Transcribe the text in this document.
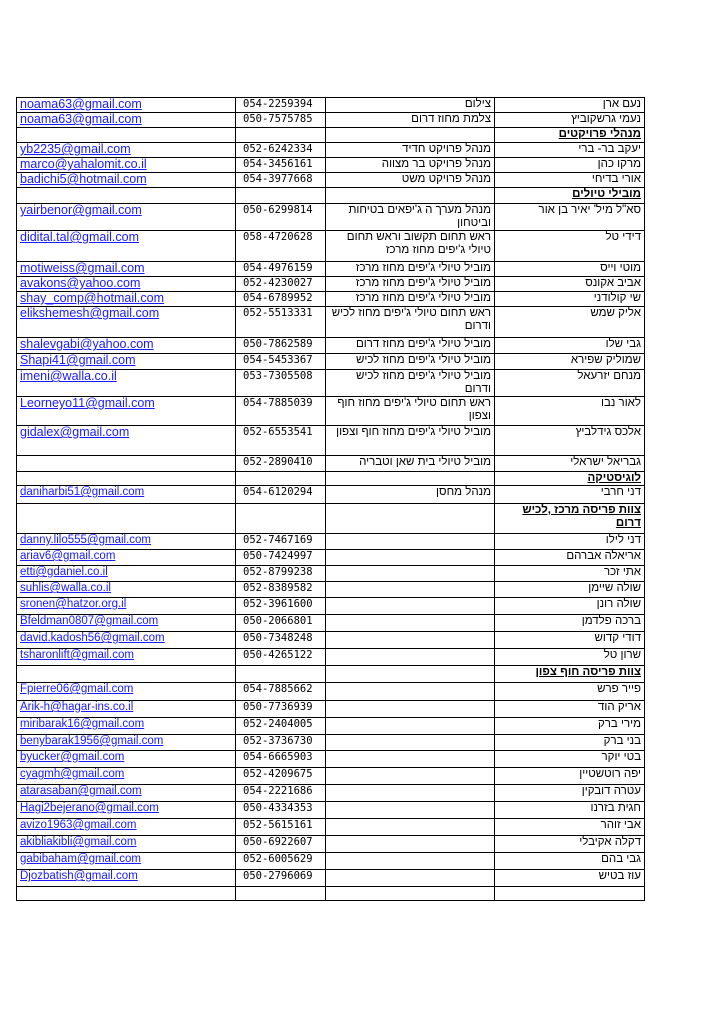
noama63@gmail.com	054-2259394	צילום	נעם ארן
noama63@gmail.com	050-7575785	צלמת מחוז דרום	נעמי גרשקוביץ
			מנהלי פרויקטים
yb2235@gmail.com	052-6242334	מנהל פרויקט חדיד	יעקב בר- ברי
marco@yahalomit.co.il	054-3456161	מנהל פרויקט בר מצווה	מרקו כהן
badichi5@hotmail.com	054-3977668	מנהל פרויקט משט	אורי בדיחי
			מובילי טיולים
yairbenor@gmail.com	050-6299814	מנהל מערך ה ג'יפאים בטיחות וביטחון	סא"ל מיל' יאיר בן אור
didital.tal@gmail.com	058-4720628	ראש תחום תקשוב וראש תחום טיולי ג'יפים מחוז מרכז	דידי טל
motiweiss@gmail.com	054-4976159	מוביל טיולי ג'יפים מחוז מרכז	מוטי וייס
avakons@yahoo.com	052-4230027	מוביל טיולי ג'יפים מחוז מרכז	אביב אקונס
shay_comp@hotmail.com	054-6789952	מוביל טיולי ג'יפים מחוז מרכז	שי קולודני
elikshemesh@gmail.com	052-5513331	ראש תחום טיולי ג'יפים מחוז לכיש ודרום	אליק שמש
shalevgabi@yahoo.com	050-7862589	מוביל טיולי ג'יפים מחוז דרום	גבי שלו
Shapi41@gmail.com	054-5453367	מוביל טיולי ג'יפים מחוז לכיש	שמוליק שפירא
imeni@walla.co.il	053-7305508	מוביל טיולי ג'יפים מחוז לכיש ודרום	מנחם יזרעאל
Leorneyo11@gmail.com	054-7885039	ראש תחום טיולי ג'יפים מחוז חוף וצפון	לאור נבו
gidalex@gmail.com	052-6553541	מוביל טיולי ג'יפים מחוז חוף וצפון	אלכס גידלביץ
	052-2890410	מוביל טיולי בית שאן וטבריה	גבריאל ישראלי
			לוגיסטיקה
daniharbi51@gmail.com	054-6120294	מנהל מחסן	דני חרבי
			צוות פריסה מרכז ,לכיש דרום
danny.lilo555@gmail.com	052-7467169		דני לילו
ariav6@gmail.com	050-7424997		אריאלה אברהם
etti@gdaniel.co.il	052-8799238		אתי זכר
suhlis@walla.co.il	052-8389582		שולה שיימן
sronen@hatzor.org.il	052-3961600		שולה רונן
Bfeldman0807@gmail.com	050-2066801		ברכה פלדמן
david.kadosh56@gmail.com	050-7348248		דודי קדוש
tsharonlift@gmail.com	050-4265122		שרון טל
			צוות פריסה חוף צפון
Fpierre06@gmail.com	054-7885662		פייר פרש
Arik-h@hagar-ins.co.il	050-7736939		אריק הוד
miribarak16@gmail.com	052-2404005		מירי ברק
benybarak1956@gmail.com	052-3736730		בני ברק
byucker@gmail.com	054-6665903		בטי יוקר
cyagmh@gmail.com	052-4209675		יפה רוטשטיין
atarasaban@gmail.com	054-2221686		עטרה דובקין
Hagi2bejerano@gmail.com	050-4334353		חגית בזרנו
avizo1963@gmail.com	052-5615161		אבי זוהר
akibliakibli@gmail.com	050-6922607		דקלה אקיבלי
gabibaham@gmail.com	052-6005629		גבי בהם
Djozbatish@gmail.com	050-2796069		עוז בטיש
